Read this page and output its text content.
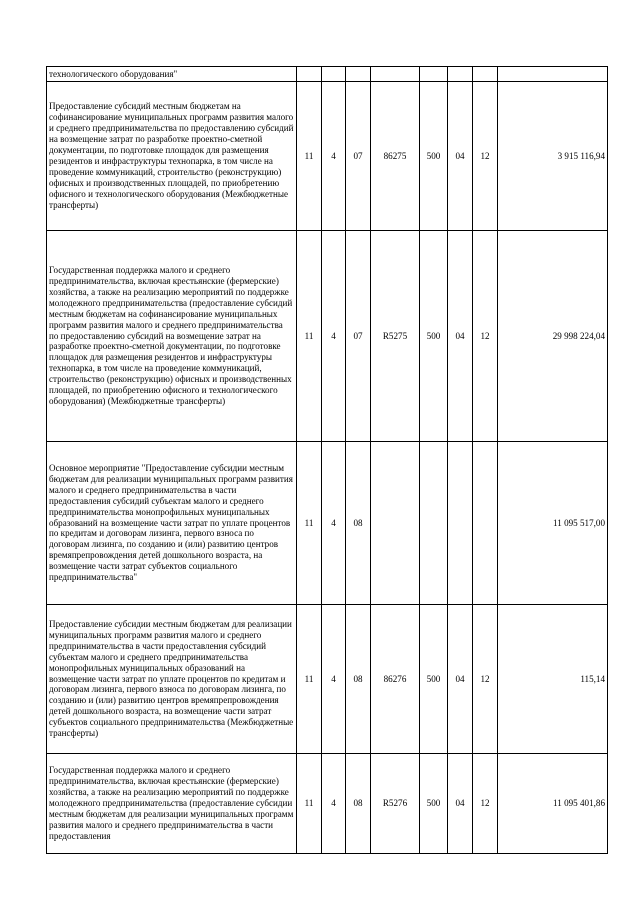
технологического оборудования"								
Предоставление субсидий местным бюджетам на софинансирование муниципальных программ развития малого и среднего предпринимательства по предоставлению субсидий на возмещение затрат по разработке проектно-сметной документации, по подготовке площадок для размещения резидентов и инфраструктуры технопарка, в том числе на проведение коммуникаций, строительство (реконструкцию) офисных и производственных площадей, по приобретению офисного и технологического оборудования (Межбюджетные трансферты)	11	4	07	86275	500	04	12	3 915 116,94
Государственная поддержка малого и среднего предпринимательства, включая крестьянские (фермерские) хозяйства, а также на реализацию мероприятий по поддержке молодежного предпринимательства (предоставление субсидий местным бюджетам на софинансирование муниципальных программ развития малого и среднего предпринимательства по предоставлению субсидий на возмещение затрат на разработке проектно-сметной документации, по подготовке площадок для размещения резидентов и инфраструктуры технопарка, в том числе на проведение коммуникаций, строительство (реконструкцию) офисных и производственных площадей, по приобретению офисного и технологического оборудования) (Межбюджетные трансферты)	11	4	07	R5275	500	04	12	29 998 224,04
Основное мероприятие "Предоставление субсидии местным бюджетам для реализации муниципальных программ развития малого и среднего предпринимательства в части предоставления субсидий субъектам малого и среднего предпринимательства монопрофильных муниципальных образований на возмещение части затрат по уплате процентов по кредитам и договорам лизинга, первого взноса по договорам лизинга, по созданию и (или) развитию центров времяпрепровождения детей дошкольного возраста, на возмещение части затрат субъектов социального предпринимательства"	11	4	08					11 095 517,00
Предоставление субсидии местным бюджетам для реализации муниципальных программ развития малого и среднего предпринимательства в части предоставления субсидий субъектам малого и среднего предпринимательства монопрофильных муниципальных образований на возмещение части затрат по уплате процентов по кредитам и договорам лизинга, первого взноса по договорам лизинга, по созданию и (или) развитию центров времяпрепровождения детей дошкольного возраста, на возмещение части затрат субъектов социального предпринимательства (Межбюджетные трансферты)	11	4	08	86276	500	04	12	115,14
Государственная поддержка малого и среднего предпринимательства, включая крестьянские (фермерские) хозяйства, а также на реализацию мероприятий по поддержке молодежного предпринимательства (предоставление субсидии местным бюджетам для реализации муниципальных программ развития малого и среднего предпринимательства в части предоставления	11	4	08	R5276	500	04	12	11 095 401,86
